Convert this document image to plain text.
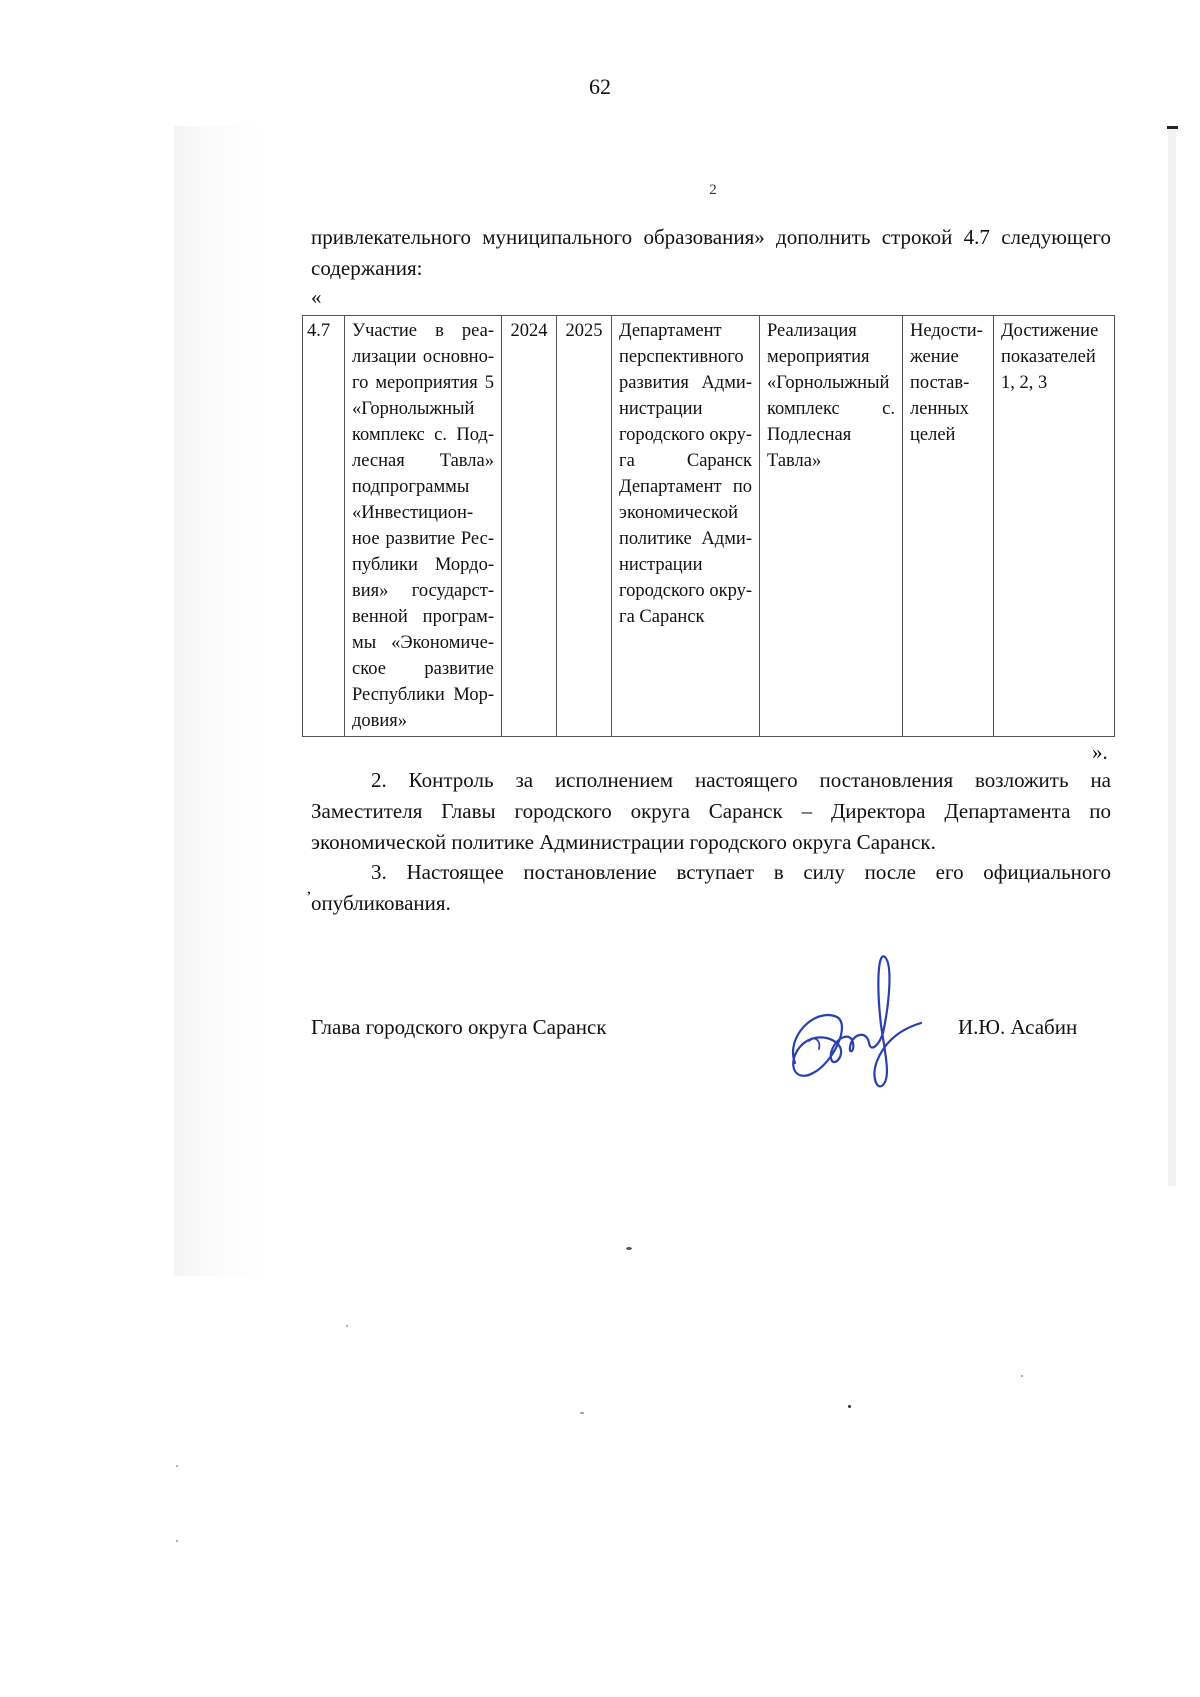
62
2

привлекательного муниципального образования» дополнить строкой 4.7 следующего содержания:

«
4.7	Участие в реализации основного мероприятия 5 «Горнолыжный комплекс с. Подлесная Тавла» подпрограммы «Инвестиционное развитие Республики Мордовия» государственной программы «Экономическое развитие Республики Мордовия»	2024	2025	Департамент перспективного развития Администрации городского округа Саранск Департамент по экономической политике Администрации городского округа Саранск	Реализация мероприятия «Горнолыжный комплекс с. Подлесная Тавла»	Недостижение поставленных целей	Достижение показателей 1, 2, 3
».

2. Контроль за исполнением настоящего постановления возложить на Заместителя Главы городского округа Саранск – Директора Департамента по экономической политике Администрации городского округа Саранск.

,

3. Настоящее постановление вступает в силу после его официального опубликования.

Глава городского округа Саранск	И.Ю. Асабин
